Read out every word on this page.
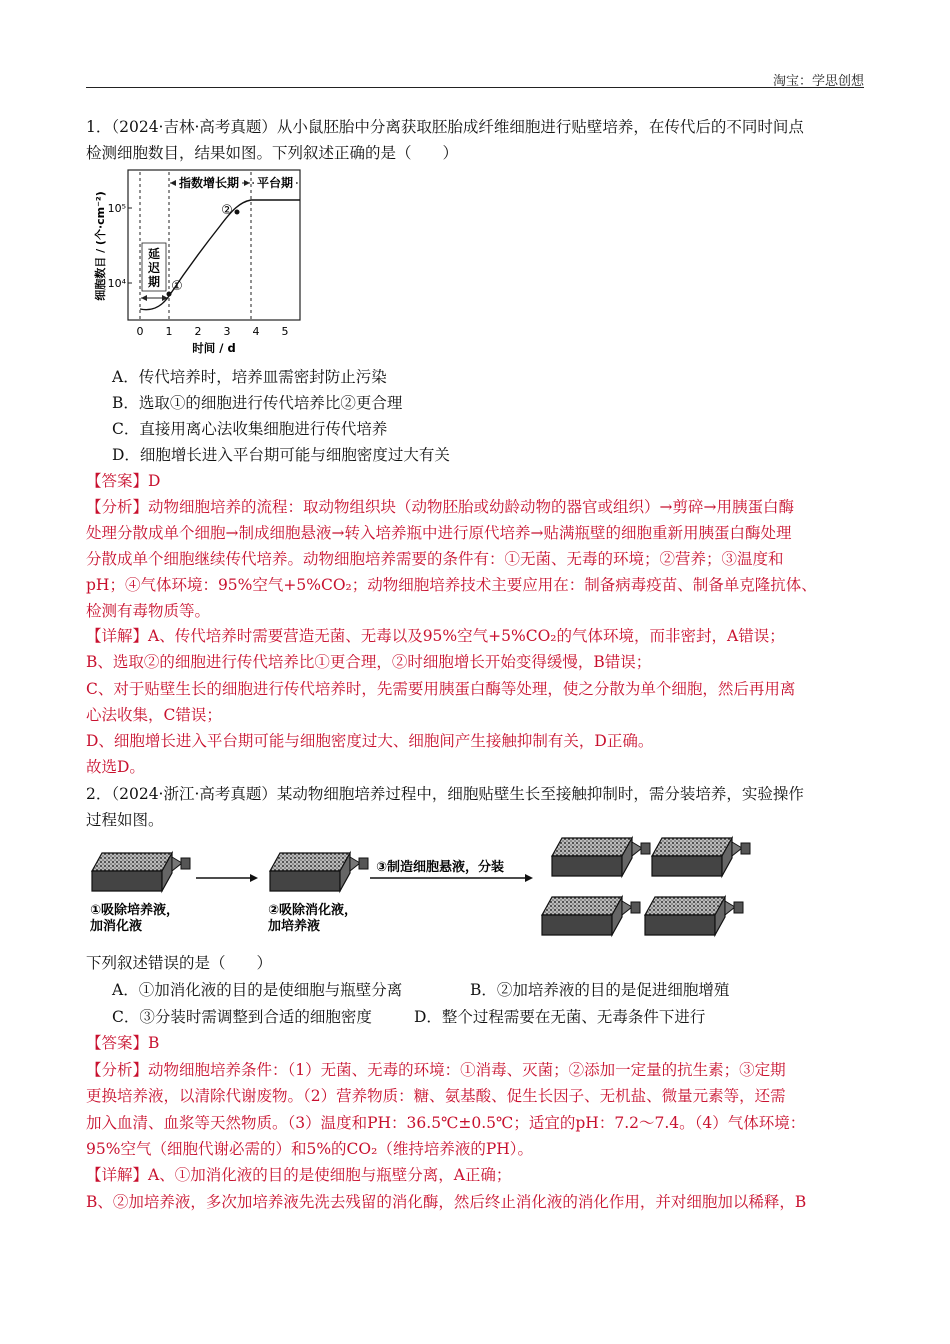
淘宝：学思创想
1．（2024·吉林·高考真题）从小鼠胚胎中分离获取胚胎成纤维细胞进行贴壁培养，在传代后的不同时间点
检测细胞数目，结果如图。下列叙述正确的是（　　）
指数增长期 平台期
延
迟
期 ①
②
10⁵
10⁴
0 1 2 3 4 5
时间 / d
细胞数目 / (个·cm⁻²)
A．传代培养时，培养皿需密封防止污染
B．选取①的细胞进行传代培养比②更合理
C．直接用离心法收集细胞进行传代培养
D．细胞增长进入平台期可能与细胞密度过大有关
【答案】D
【分析】动物细胞培养的流程：取动物组织块（动物胚胎或幼龄动物的器官或组织）→剪碎→用胰蛋白酶
处理分散成单个细胞→制成细胞悬液→转入培养瓶中进行原代培养→贴满瓶壁的细胞重新用胰蛋白酶处理
分散成单个细胞继续传代培养。动物细胞培养需要的条件有：①无菌、无毒的环境；②营养；③温度和
pH；④气体环境：95%空气+5%CO₂；动物细胞培养技术主要应用在：制备病毒疫苗、制备单克隆抗体、
检测有毒物质等。
【详解】A、传代培养时需要营造无菌、无毒以及95%空气+5%CO₂的气体环境，而非密封，A错误；
B、选取②的细胞进行传代培养比①更合理，②时细胞增长开始变得缓慢，B错误；
C、对于贴壁生长的细胞进行传代培养时，先需要用胰蛋白酶等处理，使之分散为单个细胞，然后再用离
心法收集，C错误；
D、细胞增长进入平台期可能与细胞密度过大、细胞间产生接触抑制有关，D正确。
故选D。
2．（2024·浙江·高考真题）某动物细胞培养过程中，细胞贴壁生长至接触抑制时，需分装培养，实验操作
过程如图。
③制造细胞悬液，分装
①吸除培养液，
加消化液
②吸除消化液，
加培养液
下列叙述错误的是（　　）
A．①加消化液的目的是使细胞与瓶壁分离	B．②加培养液的目的是促进细胞增殖
C．③分装时需调整到合适的细胞密度	D．整个过程需要在无菌、无毒条件下进行
【答案】B
【分析】动物细胞培养条件：（1）无菌、无毒的环境：①消毒、灭菌；②添加一定量的抗生素；③定期
更换培养液，以清除代谢废物。（2）营养物质：糖、氨基酸、促生长因子、无机盐、微量元素等，还需
加入血清、血浆等天然物质。（3）温度和PH：36.5℃±0.5℃；适宜的pH：7.2～7.4。（4）气体环境：
95%空气（细胞代谢必需的）和5%的CO₂（维持培养液的PH）。
【详解】A、①加消化液的目的是使细胞与瓶壁分离，A正确；
B、②加培养液，多次加培养液先洗去残留的消化酶，然后终止消化液的消化作用，并对细胞加以稀释，B
